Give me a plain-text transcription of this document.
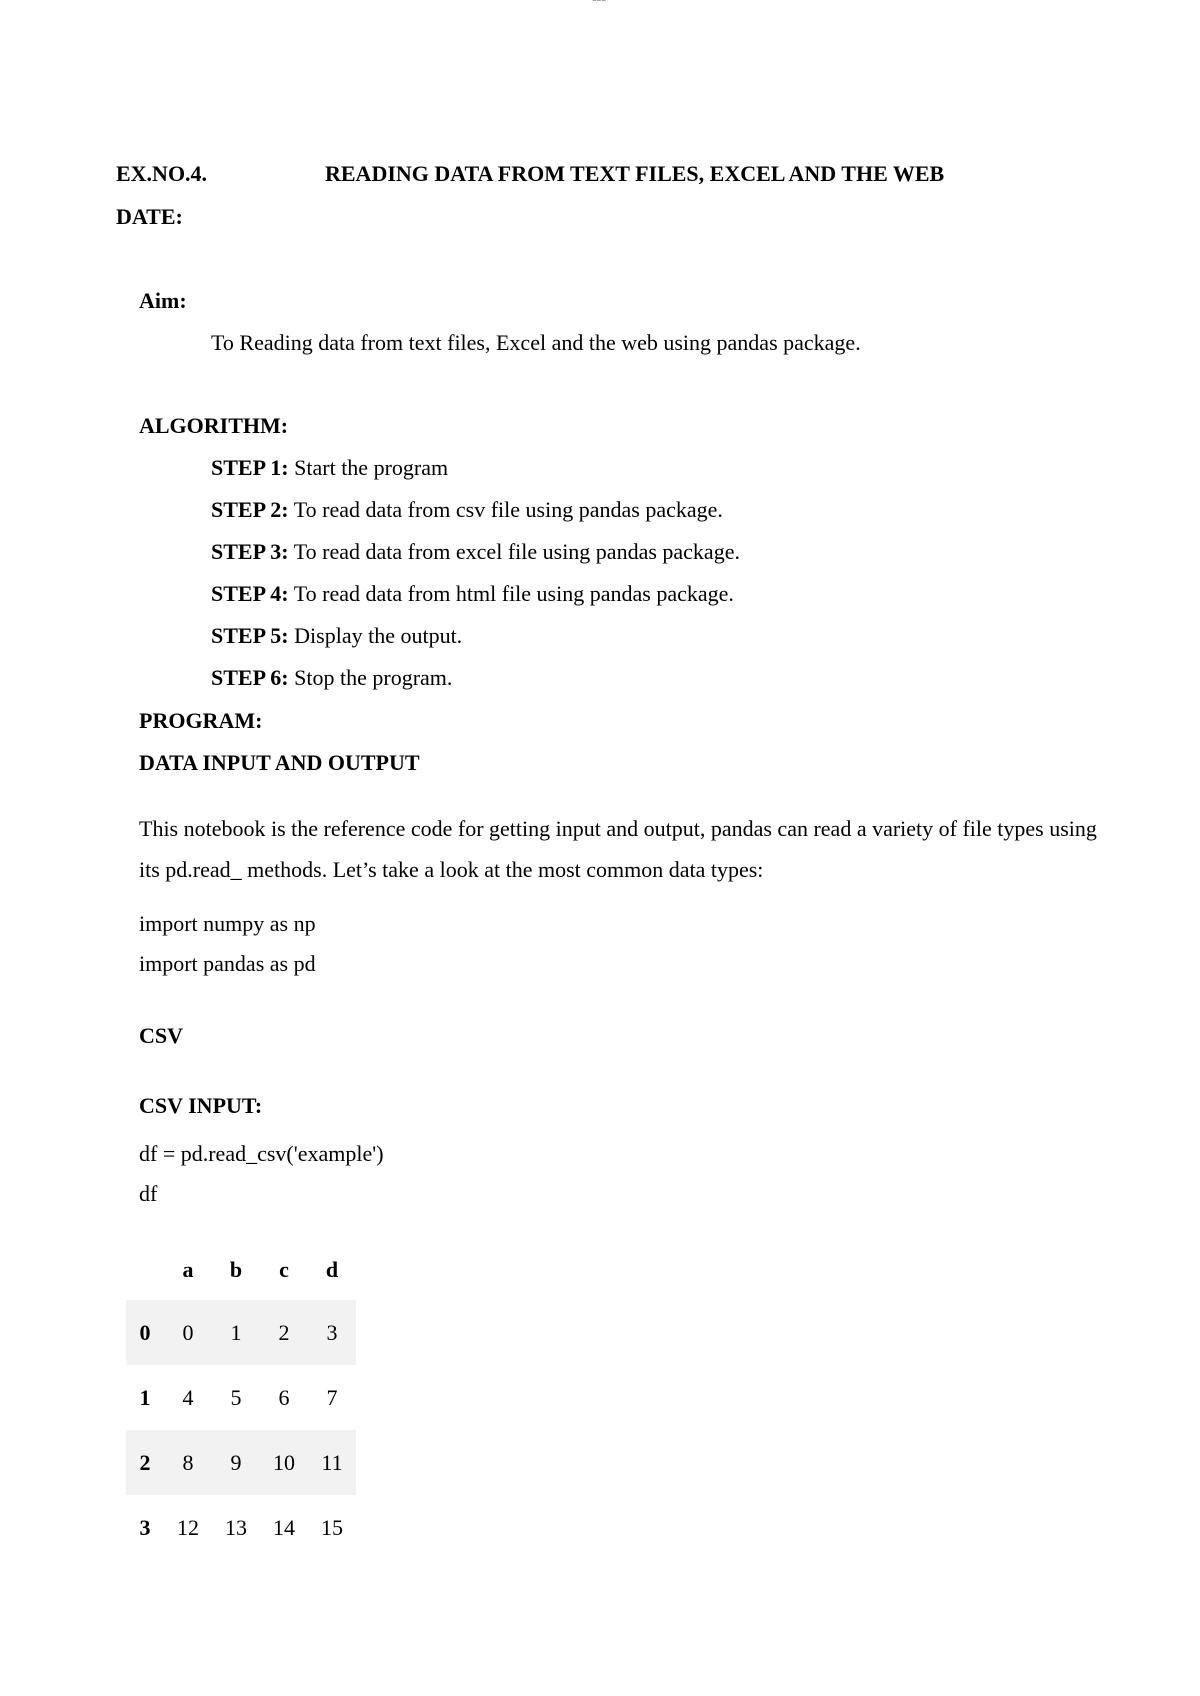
EX.NO.4.	READING DATA FROM TEXT FILES, EXCEL AND THE WEB
DATE:
Aim:
To Reading data from text files, Excel and the web using pandas package.
ALGORITHM:
STEP 1: Start the program
STEP 2: To read data from csv file using pandas package.
STEP 3: To read data from excel file using pandas package.
STEP 4: To read data from html file using pandas package.
STEP 5: Display the output.
STEP 6: Stop the program.
PROGRAM:
DATA INPUT AND OUTPUT
This notebook is the reference code for getting input and output, pandas can read a variety of file types using its pd.read_ methods. Let’s take a look at the most common data types:
import numpy as np
import pandas as pd
CSV
CSV INPUT:
df = pd.read_csv('example')
df
	a	b	c	d
0	0	1	2	3
1	4	5	6	7
2	8	9	10	11
3	12	13	14	15
